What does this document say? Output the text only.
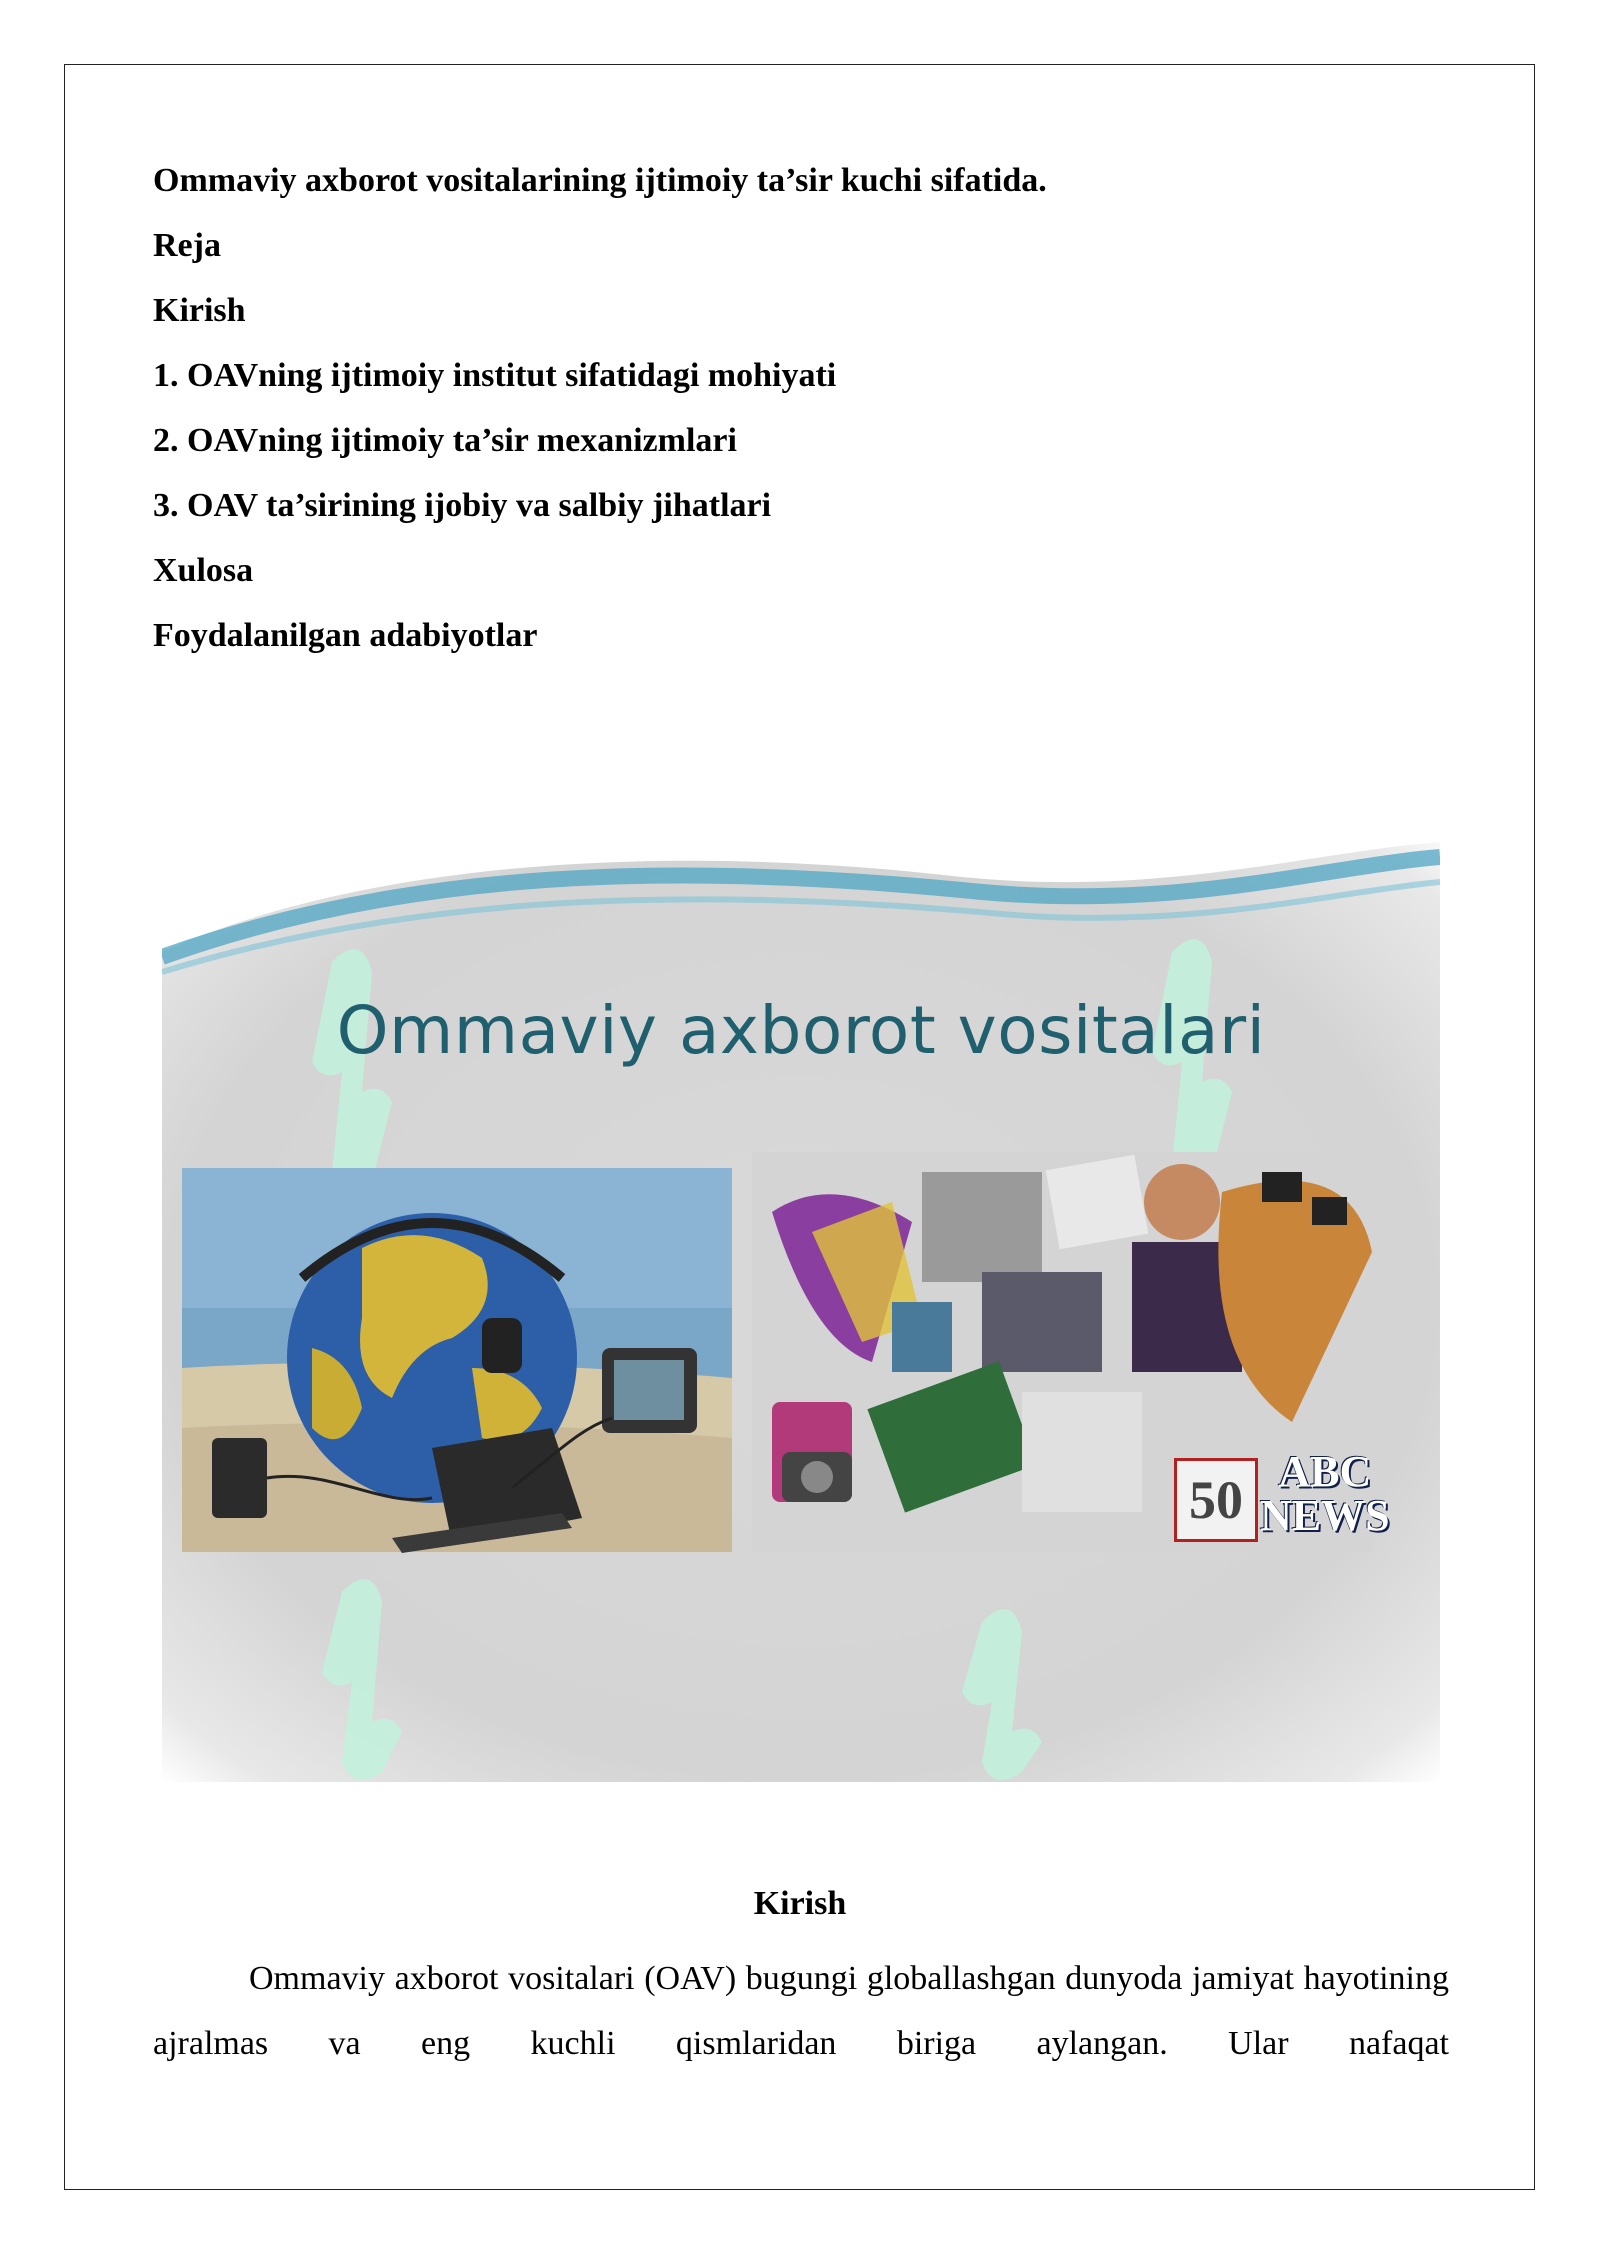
Ommaviy axborot vositalarining ijtimoiy ta’sir kuchi sifatida.

Reja

Kirish

1. OAVning ijtimoiy institut sifatidagi mohiyati

2. OAVning ijtimoiy ta’sir mexanizmlari

3. OAV ta’sirining ijobiy va salbiy jihatlari

Xulosa

Foydalanilgan adabiyotlar

Ommaviy axborot vositalari
50 ABC
NEWS
Kirish

Ommaviy axborot vositalari (OAV) bugungi globallashgan dunyoda jamiyat hayotining ajralmas va eng kuchli qismlaridan biriga aylangan. Ular nafaqat
